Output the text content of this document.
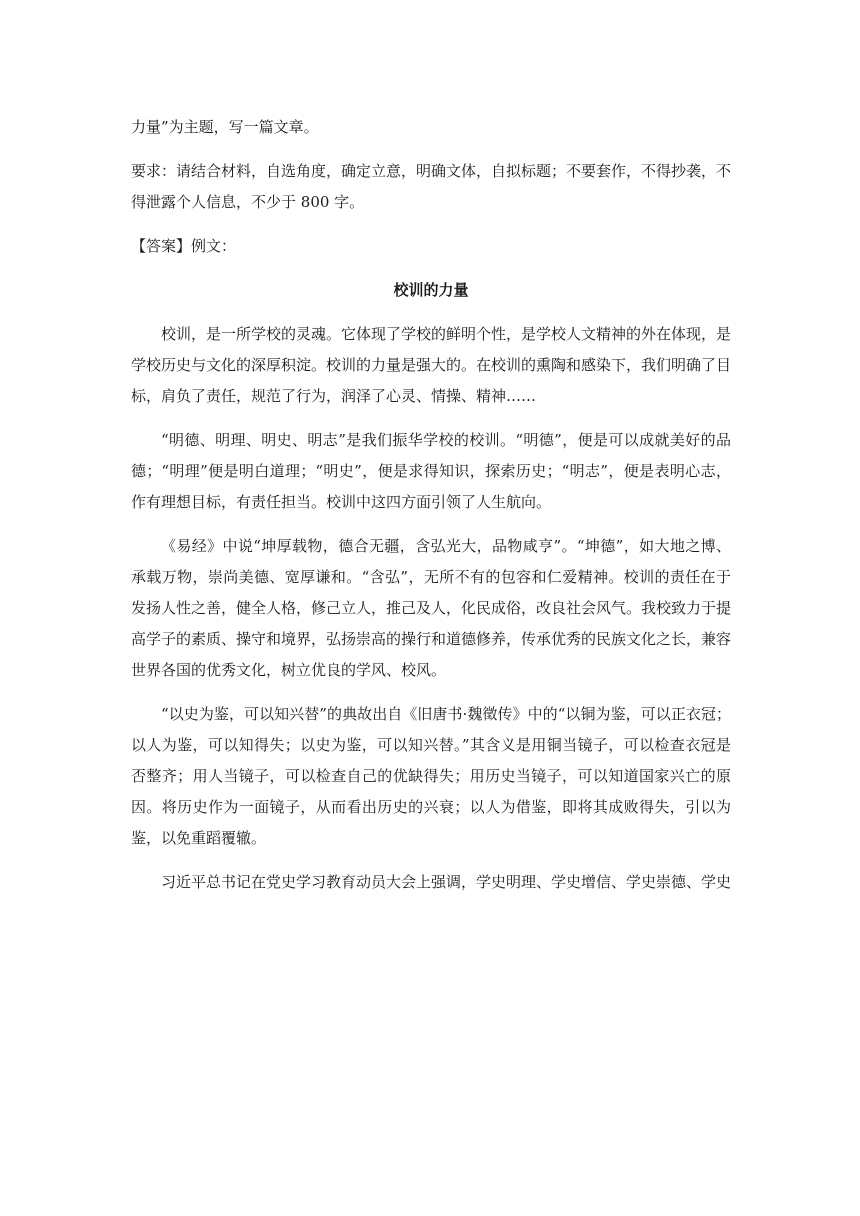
力量”为主题，写一篇文章。

要求：请结合材料，自选角度，确定立意，明确文体，自拟标题；不要套作，不得抄袭，不得泄露个人信息，不少于 800 字。

【答案】例文：

校训的力量

校训，是一所学校的灵魂。它体现了学校的鲜明个性，是学校人文精神的外在体现，是学校历史与文化的深厚积淀。校训的力量是强大的。在校训的熏陶和感染下，我们明确了目标，肩负了责任，规范了行为，润泽了心灵、情操、精神……

“明德、明理、明史、明志”是我们振华学校的校训。“明德”，便是可以成就美好的品德；“明理”便是明白道理；“明史”，便是求得知识，探索历史；“明志”，便是表明心志，作有理想目标，有责任担当。校训中这四方面引领了人生航向。

《易经》中说“坤厚载物，德合无疆，含弘光大，品物咸亨”。“坤德”，如大地之博、承载万物，崇尚美德、宽厚谦和。“含弘”，无所不有的包容和仁爱精神。校训的责任在于发扬人性之善，健全人格，修己立人，推己及人，化民成俗，改良社会风气。我校致力于提高学子的素质、操守和境界，弘扬崇高的操行和道德修养，传承优秀的民族文化之长，兼容世界各国的优秀文化，树立优良的学风、校风。

“以史为鉴，可以知兴替”的典故出自《旧唐书·魏徵传》中的“以铜为鉴，可以正衣冠；以人为鉴，可以知得失；以史为鉴，可以知兴替。”其含义是用铜当镜子，可以检查衣冠是否整齐；用人当镜子，可以检查自己的优缺得失；用历史当镜子，可以知道国家兴亡的原因。将历史作为一面镜子，从而看出历史的兴衰；以人为借鉴，即将其成败得失，引以为鉴，以免重蹈覆辙。

习近平总书记在党史学习教育动员大会上强调，学史明理、学史增信、学史崇德、学史
